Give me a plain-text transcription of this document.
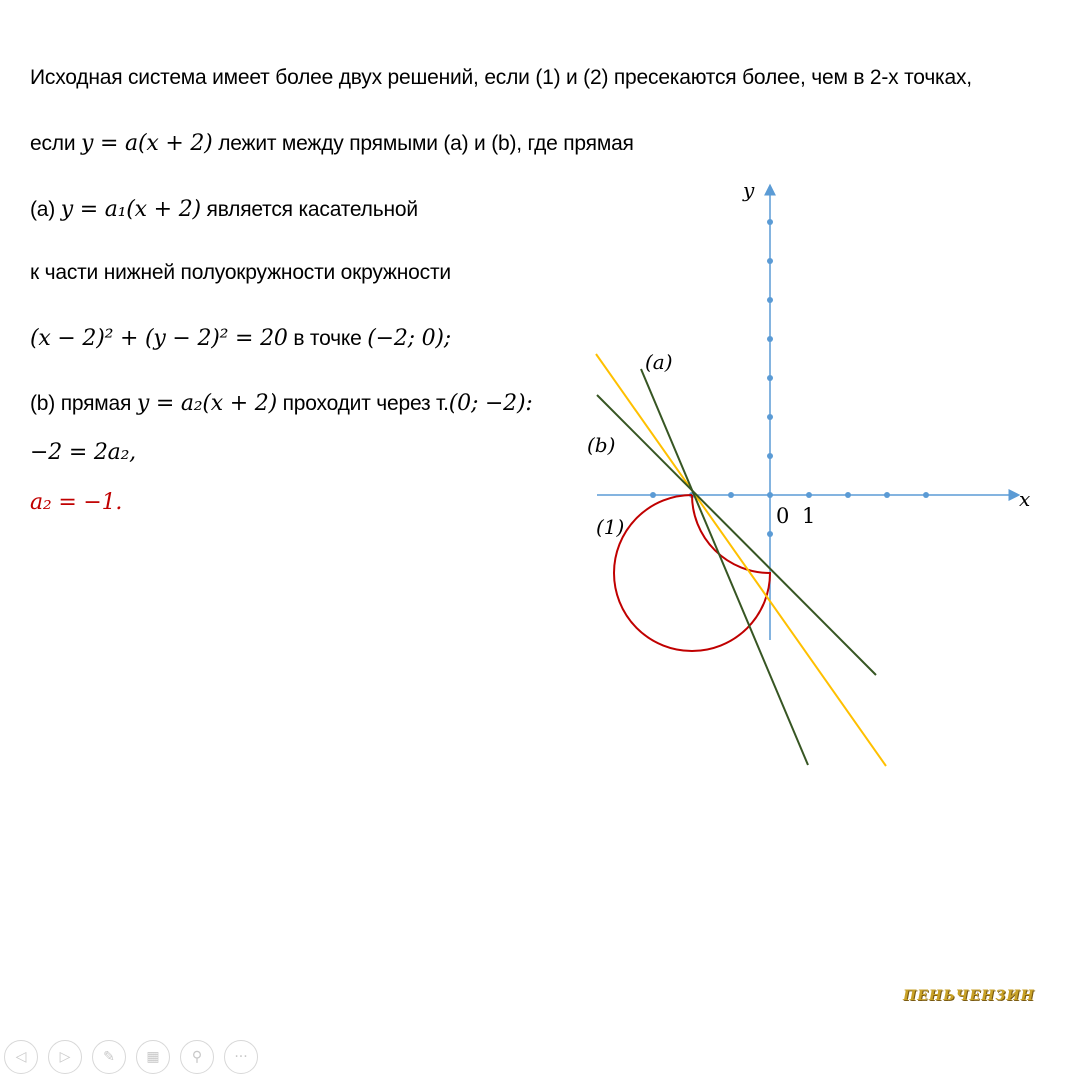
Исходная система имеет более двух решений, если (1) и (2) пресекаются более, чем в 2-х точках,
если y = a(x + 2) лежит между прямыми (a) и (b), где прямая
(a) y = a₁(x + 2) является касательной
к части нижней полуокружности окружности
(x − 2)² + (y − 2)² = 20 в точке (−2; 0);
(b) прямая y = a₂(x + 2) проходит через т.(0; −2):
−2 = 2a₂,
a₂ = −1.
y
x
(a)
(b)
(1)	0 1
ПЕНЬЧЕНЗИН
◁ ▷ ✎ ▦ ⚲ ···
